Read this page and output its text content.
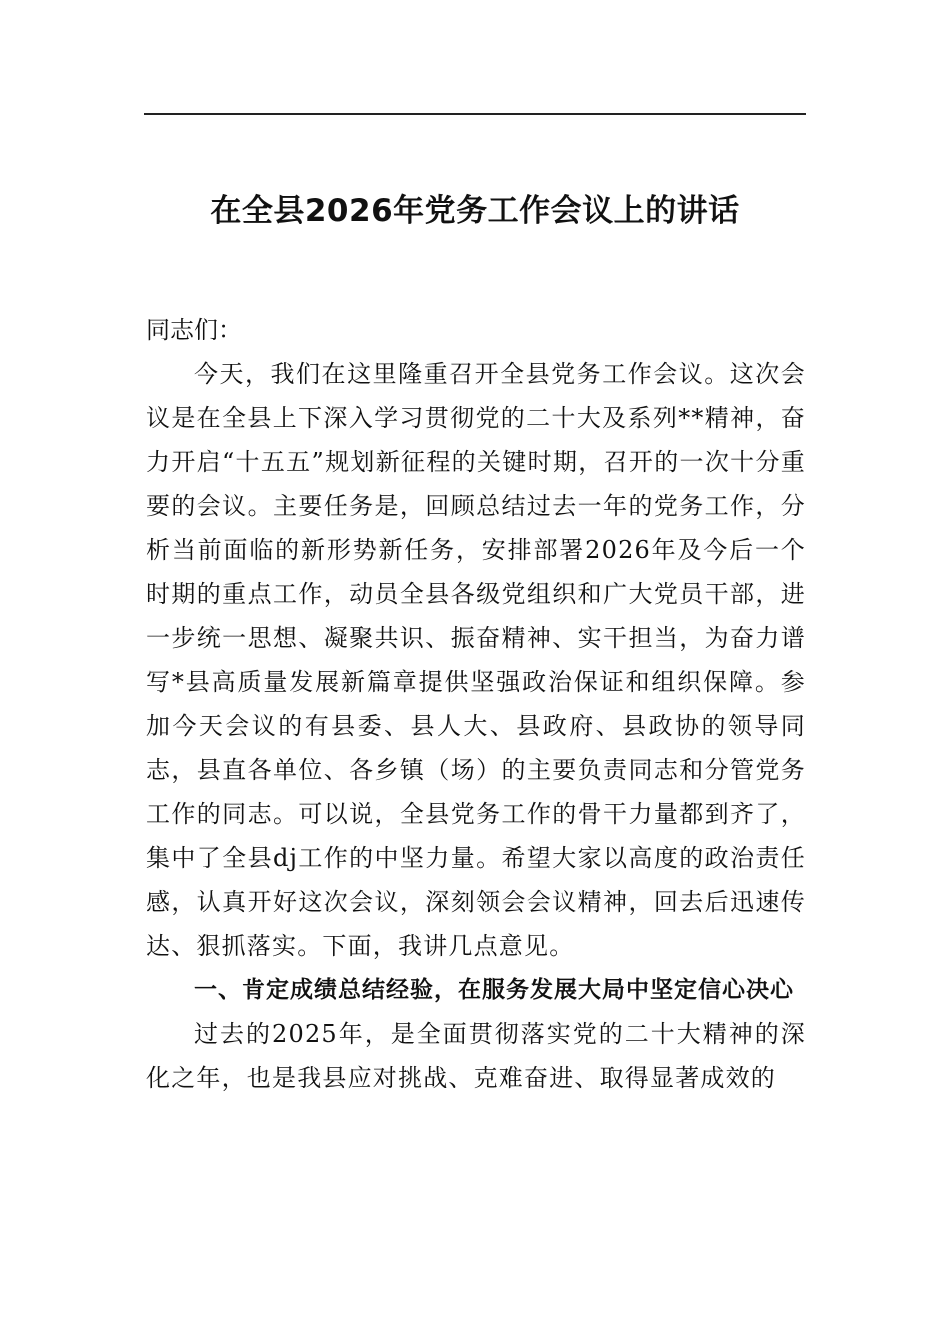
在全县2026年党务工作会议上的讲话

同志们：

今天，我们在这里隆重召开全县党务工作会议。这次会议是在全县上下深入学习贯彻党的二十大及系列**精神，奋力开启“十五五”规划新征程的关键时期，召开的一次十分重要的会议。主要任务是，回顾总结过去一年的党务工作，分析当前面临的新形势新任务，安排部署2026年及今后一个时期的重点工作，动员全县各级党组织和广大党员干部，进一步统一思想、凝聚共识、振奋精神、实干担当，为奋力谱写*县高质量发展新篇章提供坚强政治保证和组织保障。参加今天会议的有县委、县人大、县政府、县政协的领导同志，县直各单位、各乡镇（场）的主要负责同志和分管党务工作的同志。可以说，全县党务工作的骨干力量都到齐了，集中了全县dj工作的中坚力量。希望大家以高度的政治责任感，认真开好这次会议，深刻领会会议精神，回去后迅速传达、狠抓落实。下面，我讲几点意见。

一、肯定成绩总结经验，在服务发展大局中坚定信心决心

过去的2025年，是全面贯彻落实党的二十大精神的深化之年，也是我县应对挑战、克难奋进、取得显著成效的
